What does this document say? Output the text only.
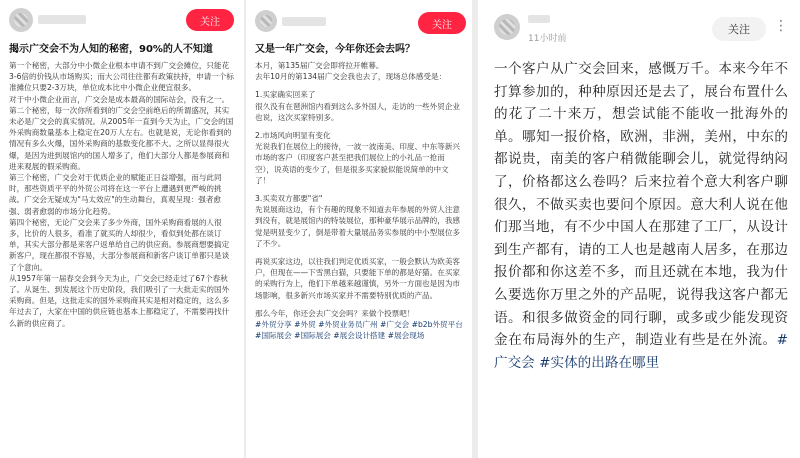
关注
揭示广交会不为人知的秘密，90%的人不知道

第一个秘密，大部分中小微企业根本申请不到广交会摊位，只能花3-6倍的价钱从市场购买；而大公司往往都有政策扶持，申请一个标准摊位只要2-3万块，单位成本比中小微企业便宜很多。

对于中小微企业而言，广交会是成本最高的国际站会，没有之一。

第二个秘密，每一次你所看到的广交会空前绝后的所谓盛况，其实未必是广交会的真实情况。从2005年一直到今天为止，广交会的国外采购商数量基本上稳定在20万人左右。也就是说，无论你看到的情况有多么火爆，国外采购商的基数变化都不大。之所以显得很火爆，是因为进到展馆内的国人增多了，他们大部分人都是参展商和进来观展的假采购商。

第三个秘密，广交会对于优质企业的赋能正日益增强，而与此同时，那些资质平平的外贸公司将在这一平台上遭遇到更严峻的挑战。广交会无疑成为"马太效应"的生动舞台，真观呈现：强者愈强、弱者愈弱的市场分化趋势。

第四个秘密，无论广交会来了多少外商，国外采购商看展的人很多，比价的人很多，看准了就买的人却很少，看似到处都在谈订单，其实大部分都是来客户返单给自己的供应商。参展商想要搞定新客户，现在都很不容易，大部分参展商和新客户谈订单都只是谈了个意向。

从1957年第一届春交会到今天为止，广交会已经走过了67个春秋了。从诞生、到发展这个历史阶段，我们吸引了一大批走实的国外采购商。但是，这批走实的国外采购商其实是相对稳定的，这么多年过去了，大家在中国的供应链也基本上都稳定了，不需要再找什么新的供应商了。

关注
又是一年广交会，今年你还会去吗？

本月，第135届广交会即将拉开帷幕。

去年10月的第134届广交会我也去了，现场总体感受是：

1.买家确实回来了

很久没有在琶洲馆内看到这么多外国人，走访的一些外贸企业也说，这次买家特别多。

2.市场风向明显有变化

光说我们在展位上的接待，一波一波南美、印度、中东等新兴市场的客户（印度客户甚至把我们展位上的小礼品一抢而空），说英语的变少了，但是很多买家貌似能说简单的中文了！

3.买卖双方都要"省"

先说展商这边，有个有趣的现象不知道去年参展的外贸人注意到没有，就是展馆内的特装展位，那种豪华展示品牌的，我感觉是明显变少了，倒是带着大量展品务实参展的中小型展位多了不少。

再说买家这边，以往我们判定优质买家，一般会默认为欧美客户，但现在——下雪黑白猫，只要能下单的都是好猫。在买家的采购行为上，他们下单越来越谨慎，另外一方面也是因为市场影响，很多新兴市场买家并不需要特别优质的产品。

那么今年，你还会去广交会吗？来做个投票吧！

#外贸分享 #外贸 #外贸业务员广州 #广交会 #b2b外贸平台 #国际展会 #国际展会 #展会设计搭建 #展会现场
11小时前
关注	⋮
一个客户从广交会回来，感慨万千。本来今年不打算参加的，种种原因还是去了，展台布置什么的花了二十来万，想尝试能不能收一批海外的单。哪知一报价格，欧洲，非洲，美州，中东的都说贵，南美的客户稍微能聊会儿，就觉得纳闷了，价格都这么卷吗？后来拉着个意大利客户聊很久，不做买卖也要问个原因。意大利人说在他们那当地，有不少中国人在那建了工厂，从设计到生产都有，请的工人也是越南人居多，在那边报价都和你这差不多，而且还就在本地，我为什么要选你万里之外的产品呢，说得我这客户都无语。和很多做资金的同行聊，或多或少能发现资金在布局海外的生产，制造业有些是在外流。#广交会 #实体的出路在哪里
